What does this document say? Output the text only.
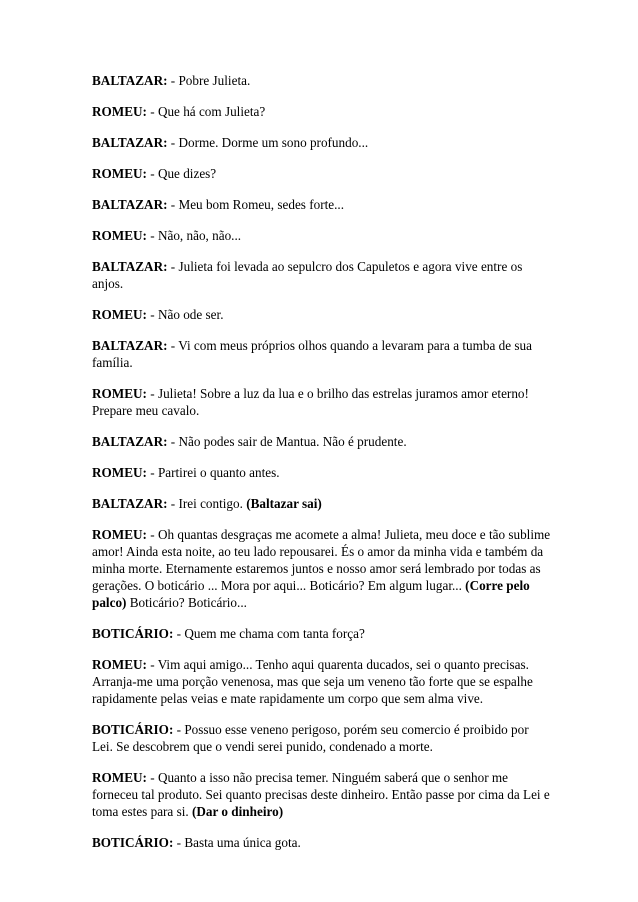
BALTAZAR: - Pobre Julieta.

ROMEU: - Que há com Julieta?

BALTAZAR: - Dorme. Dorme um sono profundo...

ROMEU: - Que dizes?

BALTAZAR: - Meu bom Romeu, sedes forte...

ROMEU: - Não, não, não...

BALTAZAR: - Julieta foi levada ao sepulcro dos Capuletos e agora vive entre os anjos.

ROMEU: - Não ode ser.

BALTAZAR: - Vi com meus próprios olhos quando a levaram para a tumba de sua família.

ROMEU: - Julieta! Sobre a luz da lua e o brilho das estrelas juramos amor eterno! Prepare meu cavalo.

BALTAZAR: - Não podes sair de Mantua. Não é prudente.

ROMEU: - Partirei o quanto antes.

BALTAZAR: - Irei contigo. (Baltazar sai)

ROMEU: - Oh quantas desgraças me acomete a alma! Julieta, meu doce e tão sublime amor! Ainda esta noite, ao teu lado repousarei. És o amor da minha vida e também da minha morte. Eternamente estaremos juntos e nosso amor será lembrado por todas as gerações. O boticário ... Mora por aqui... Boticário? Em algum lugar... (Corre pelo palco) Boticário? Boticário...

BOTICÁRIO: - Quem me chama com tanta força?

ROMEU: - Vim aqui amigo... Tenho aqui quarenta ducados, sei o quanto precisas. Arranja-me uma porção venenosa, mas que seja um veneno tão forte que se espalhe rapidamente pelas veias e mate rapidamente um corpo que sem alma vive.

BOTICÁRIO: - Possuo esse veneno perigoso, porém seu comercio é proibido por Lei. Se descobrem que o vendi serei punido, condenado a morte.

ROMEU: - Quanto a isso não precisa temer. Ninguém saberá que o senhor me forneceu tal produto. Sei quanto precisas deste dinheiro. Então passe por cima da Lei e toma estes para si. (Dar o dinheiro)

BOTICÁRIO: - Basta uma única gota.
